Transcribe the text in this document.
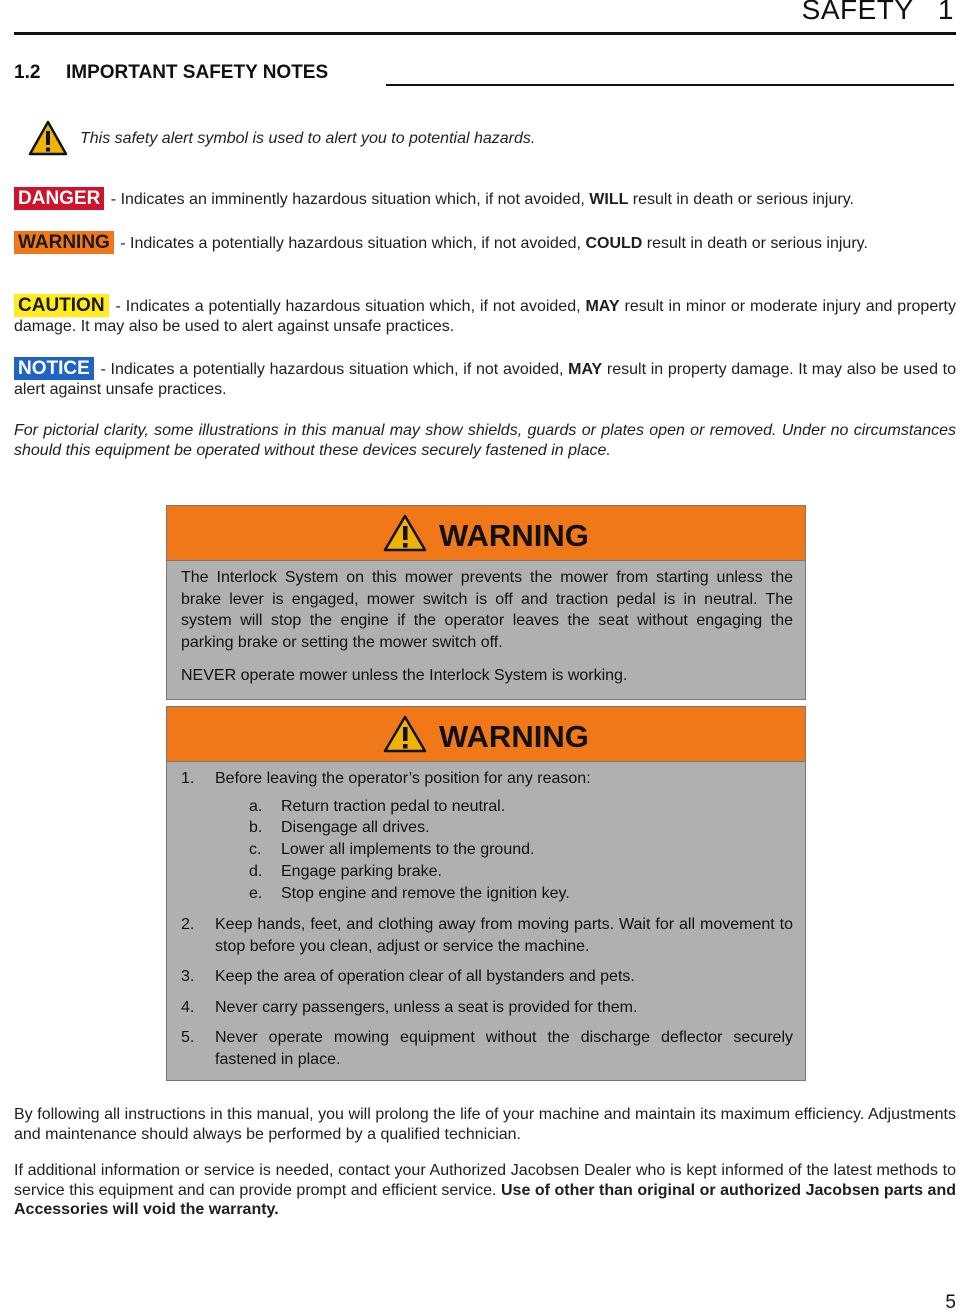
SAFETY   1
1.2 IMPORTANT SAFETY NOTES
This safety alert symbol is used to alert you to potential hazards.
DANGER - Indicates an imminently hazardous situation which, if not avoided, WILL result in death or serious injury.
WARNING - Indicates a potentially hazardous situation which, if not avoided, COULD result in death or serious injury.
CAUTION - Indicates a potentially hazardous situation which, if not avoided, MAY result in minor or moderate injury and property damage. It may also be used to alert against unsafe practices.
NOTICE - Indicates a potentially hazardous situation which, if not avoided, MAY result in property damage. It may also be used to alert against unsafe practices.
For pictorial clarity, some illustrations in this manual may show shields, guards or plates open or removed. Under no circumstances should this equipment be operated without these devices securely fastened in place.
WARNING

The Interlock System on this mower prevents the mower from starting unless the brake lever is engaged, mower switch is off and traction pedal is in neutral. The system will stop the engine if the operator leaves the seat without engaging the parking brake or setting the mower switch off.

NEVER operate mower unless the Interlock System is working.

WARNING
1. Before leaving the operator’s position for any reason:
a. Return traction pedal to neutral.
b. Disengage all drives.
c. Lower all implements to the ground.
d. Engage parking brake.
e. Stop engine and remove the ignition key.
2. Keep hands, feet, and clothing away from moving parts. Wait for all movement to stop before you clean, adjust or service the machine.
3. Keep the area of operation clear of all bystanders and pets.
4. Never carry passengers, unless a seat is provided for them.
5. Never operate mowing equipment without the discharge deflector securely fastened in place.
By following all instructions in this manual, you will prolong the life of your machine and maintain its maximum efficiency. Adjustments and maintenance should always be performed by a qualified technician.
If additional information or service is needed, contact your Authorized Jacobsen Dealer who is kept informed of the latest methods to service this equipment and can provide prompt and efficient service. Use of other than original or authorized Jacobsen parts and Accessories will void the warranty.
5
